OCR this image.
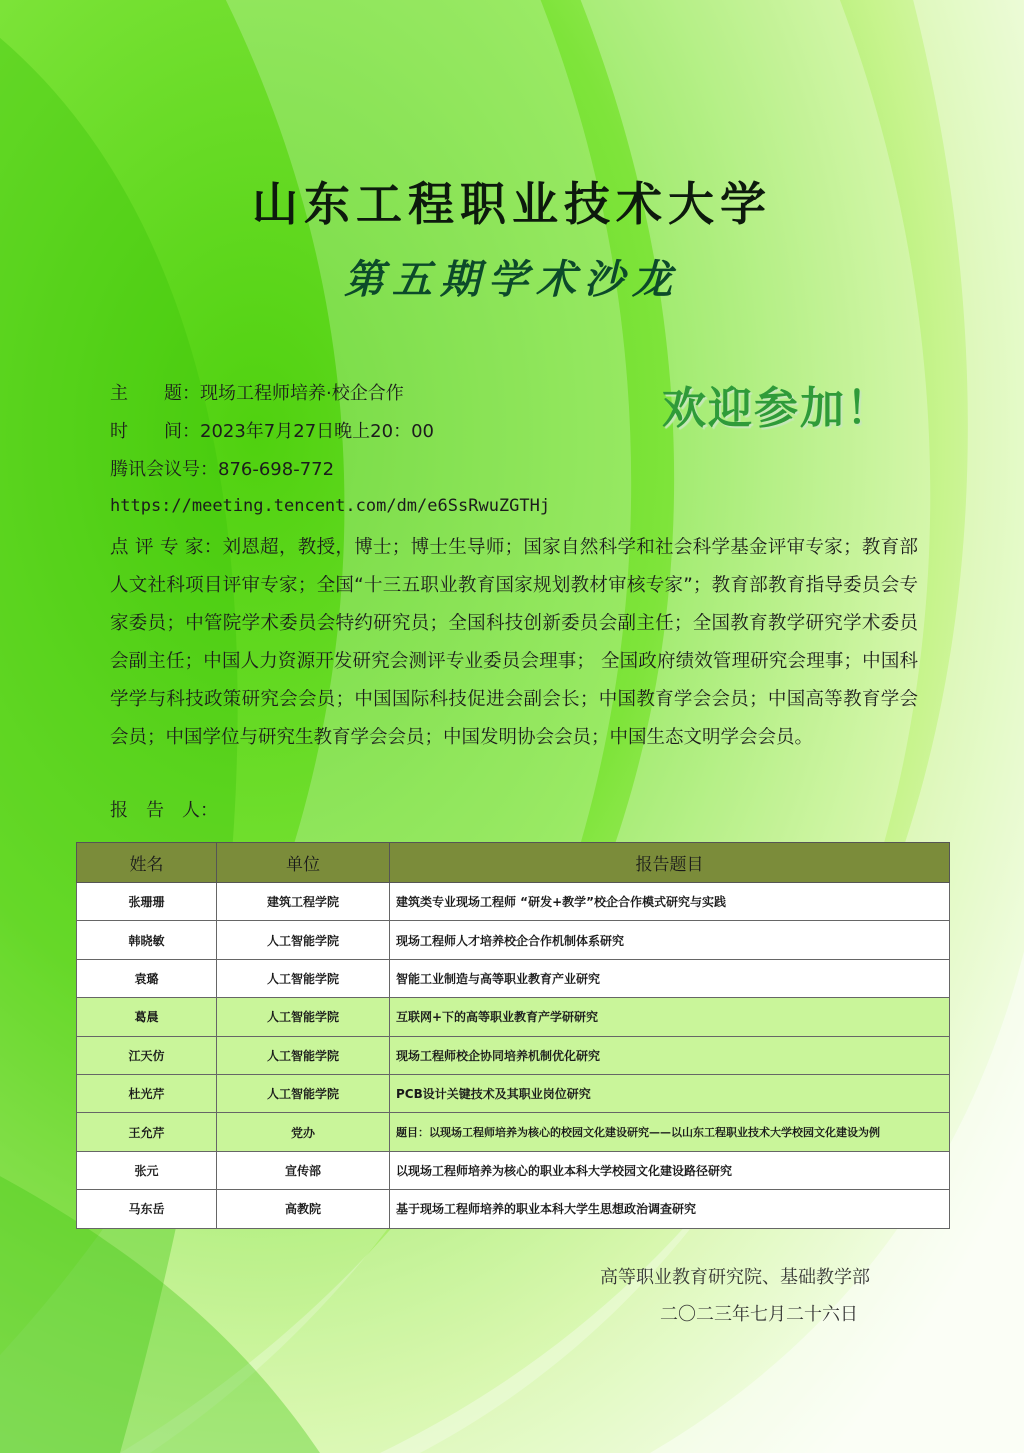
山东工程职业技术大学
第五期学术沙龙
欢迎参加！
主　　题：现场工程师培养·校企合作
时　　间：2023年7月27日晚上20：00
腾讯会议号：876-698-772
https://meeting.tencent.com/dm/e6SsRwuZGTHj
点 评 专 家：刘恩超，教授，博士；博士生导师；国家自然科学和社会科学基金评审专家；教育部人文社科项目评审专家；全国“十三五职业教育国家规划教材审核专家”；教育部教育指导委员会专家委员；中管院学术委员会特约研究员；全国科技创新委员会副主任；全国教育教学研究学术委员会副主任；中国人力资源开发研究会测评专业委员会理事； 全国政府绩效管理研究会理事；中国科学学与科技政策研究会会员；中国国际科技促进会副会长；中国教育学会会员；中国高等教育学会会员；中国学位与研究生教育学会会员；中国发明协会会员；中国生态文明学会会员。
报　告　人：
姓名	单位	报告题目
张珊珊	建筑工程学院	建筑类专业现场工程师 “研发+教学”校企合作模式研究与实践
韩晓敏	人工智能学院	现场工程师人才培养校企合作机制体系研究
袁璐	人工智能学院	智能工业制造与高等职业教育产业研究
葛晨	人工智能学院	互联网+下的高等职业教育产学研研究
江天仿	人工智能学院	现场工程师校企协同培养机制优化研究
杜光芹	人工智能学院	PCB设计关键技术及其职业岗位研究
王允芹	党办	题目：以现场工程师培养为核心的校园文化建设研究——以山东工程职业技术大学校园文化建设为例
张元	宣传部	以现场工程师培养为核心的职业本科大学校园文化建设路径研究
马东岳	高教院	基于现场工程师培养的职业本科大学生思想政治调查研究
高等职业教育研究院、基础教学部
二〇二三年七月二十六日
